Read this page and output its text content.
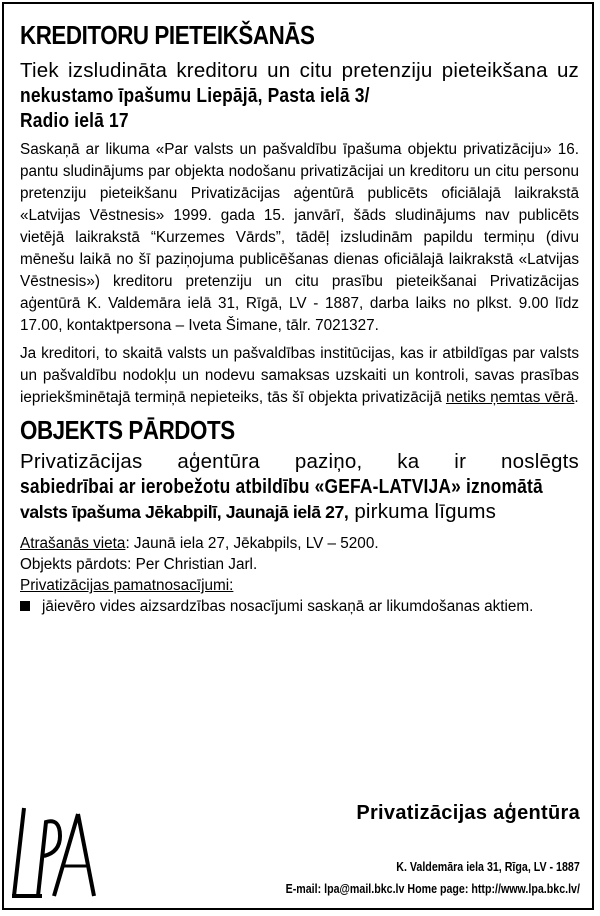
KREDITORU PIETEIKŠANĀS

Tiek izsludināta kreditoru un citu pretenziju pieteikšana uz nekustamo īpašumu Liepājā, Pasta ielā 3/
Radio ielā 17

Saskaņā ar likuma «Par valsts un pašvaldību īpašuma objektu privatizāciju» 16. pantu sludinājums par objekta nodošanu privatizācijai un kreditoru un citu personu pretenziju pieteikšanu Privatizācijas aģentūrā publicēts oficiālajā laikrakstā «Latvijas Vēstnesis» 1999. gada 15. janvārī, šāds sludinājums nav publicēts vietējā laikrakstā “Kurzemes Vārds”, tādēļ izsludinām papildu termiņu (divu mēnešu laikā no šī paziņojuma publicēšanas dienas oficiālajā laikrakstā «Latvijas Vēstnesis») kreditoru pretenziju un citu prasību pieteikšanai Privatizācijas aģentūrā K. Valdemāra ielā 31, Rīgā, LV - 1887, darba laiks no plkst. 9.00 līdz 17.00, kontaktpersona – Iveta Šimane, tālr. 7021327.

Ja kreditori, to skaitā valsts un pašvaldības institūcijas, kas ir atbildīgas par valsts un pašvaldību nodokļu un nodevu samaksas uzskaiti un kontroli, savas prasības iepriekšminētajā termiņā nepieteiks, tās šī objekta privatizācijā netiks ņemtas vērā.

OBJEKTS PĀRDOTS

Privatizācijas aģentūra paziņo, ka ir noslēgts
sabiedrībai ar ierobežotu atbildību «GEFA-LATVIJA» iznomātā
valsts īpašuma Jēkabpilī, Jaunajā ielā 27, pirkuma līgums

Atrašanās vieta: Jaunā iela 27, Jēkabpils, LV – 5200.

Objekts pārdots: Per Christian Jarl.

Privatizācijas pamatnosacījumi:

jāievēro vides aizsardzības nosacījumi saskaņā ar likumdošanas aktiem.

Privatizācijas aģentūra
K. Valdemāra iela 31, Rīga, LV - 1887
E-mail: lpa@mail.bkc.lv Home page: http://www.lpa.bkc.lv/
